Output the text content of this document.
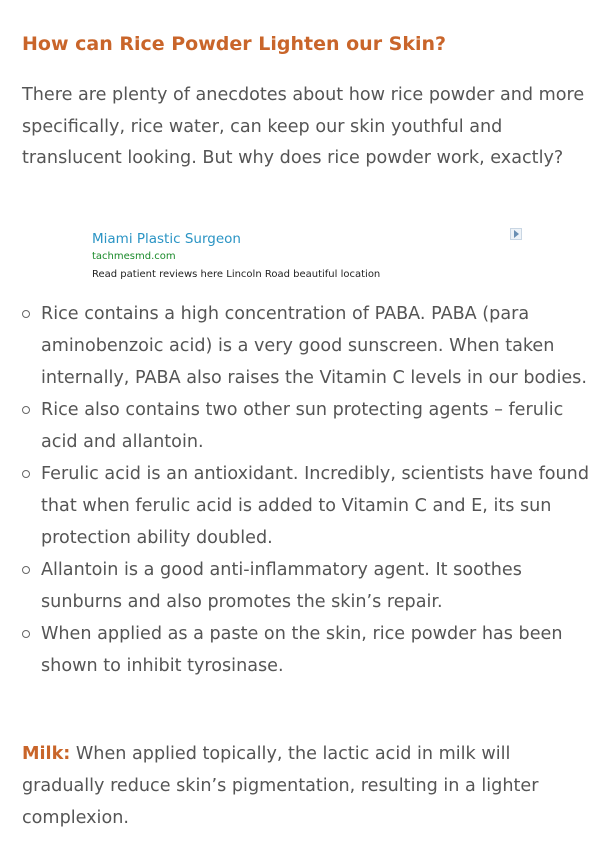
How can Rice Powder Lighten our Skin?

There are plenty of anecdotes about how rice powder and more specifically, rice water, can keep our skin youthful and translucent looking. But why does rice powder work, exactly?

Miami Plastic Surgeon
tachmesmd.com
Read patient reviews here Lincoln Road beautiful location
Rice contains a high concentration of PABA. PABA (para aminobenzoic acid) is a very good sunscreen. When taken internally, PABA also raises the Vitamin C levels in our bodies.
Rice also contains two other sun protecting agents – ferulic acid and allantoin.
Ferulic acid is an antioxidant. Incredibly, scientists have found that when ferulic acid is added to Vitamin C and E, its sun protection ability doubled.
Allantoin is a good anti-inflammatory agent. It soothes sunburns and also promotes the skin’s repair.
When applied as a paste on the skin, rice powder has been shown to inhibit tyrosinase.

Milk: When applied topically, the lactic acid in milk will gradually reduce skin’s pigmentation, resulting in a lighter complexion.
